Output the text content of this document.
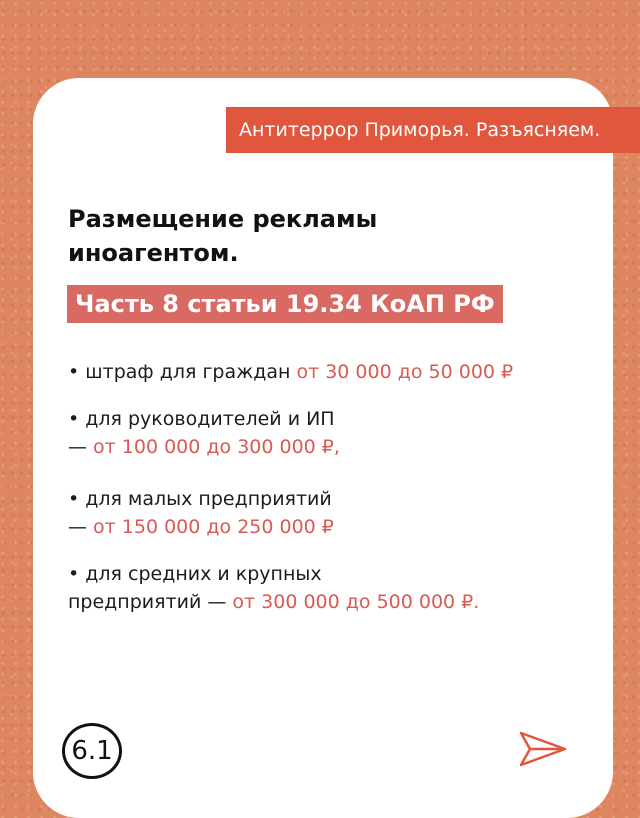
Антитеррор Приморья. Разъясняем.
Размещение рекламы
иноагентом.
Часть 8 статьи 19.34 КоАП РФ

• штраф для граждан от 30 000 до 50 000 ₽

• для руководителей и ИП
— от 100 000 до 300 000 ₽,

• для малых предприятий
— от 150 000 до 250 000 ₽

• для средних и крупных
предприятий — от 300 000 до 500 000 ₽.

6.1
